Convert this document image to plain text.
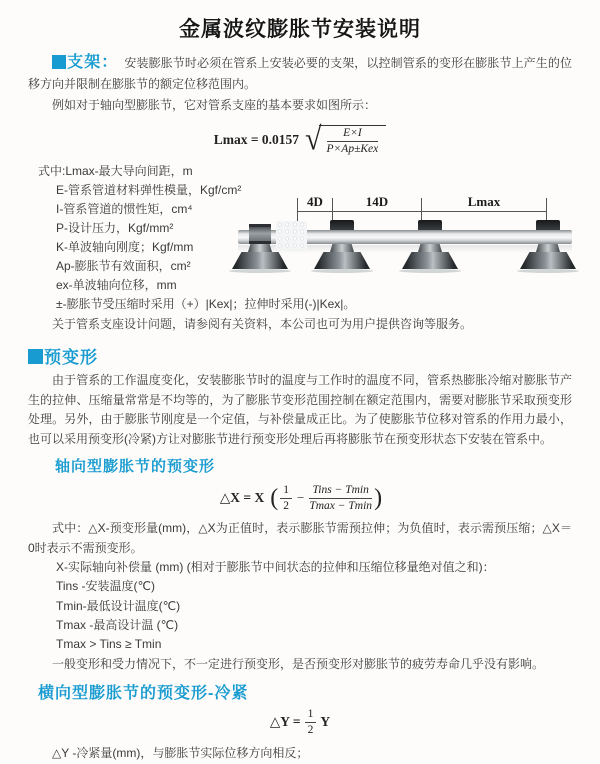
金属波纹膨胀节安装说明

支架： 安装膨胀节时必须在管系上安装必要的支架，以控制管系的变形在膨胀节上产生的位移方向并限制在膨胀节的额定位移范围内。

例如对于轴向型膨胀节，它对管系支座的基本要求如图所示：

Lmax = 0.0157 √
$\frac{E\times I}{\text{P×Ap±Kex}}$
式中:Lmax-最大导向间距，m
E-管系管道材料弹性模量，Kgf/cm²
I-管系管道的惯性矩，cm⁴
P-设计压力，Kgf/mm²
K-单波轴向刚度；Kgf/mm
Ap-膨胀节有效面积，cm²
ex-单波轴向位移，mm
±-膨胀节受压缩时采用（+）|Kex|；拉伸时采用(-)|Kex|。

关于管系支座设计问题，请参阅有关资料，本公司也可为用户提供咨询等服务。

4D	14D	Lmax
预变形

由于管系的工作温度变化，安装膨胀节时的温度与工作时的温度不同，管系热膨胀冷缩对膨胀节产生的拉伸、压缩量常常是不均等的，为了膨胀节变形范围控制在额定范围内，需要对膨胀节采取预变形处理。另外，由于膨胀节刚度是一个定值，与补偿量成正比。为了使膨胀节位移对管系的作用力最小，也可以采用预变形(冷紧)方让对膨胀节进行预变形处理后再将膨胀节在预变形状态下安装在管系中。

轴向型膨胀节的预变形
△X = X ( $\frac{1}{2} - \frac{\text{Tins − Tmin}}{Tmax - Tmin}$ )

式中：△X-预变形量(mm)，△X为正值时，表示膨胀节需预拉伸；为负值时，表示需预压缩；△X＝0时表示不需预变形。

X-实际轴向补偿量 (mm) (相对于膨胀节中间状态的拉伸和压缩位移量绝对值之和)：
Tins -安装温度(℃)
Tmin-最低设计温度(℃)
Tmax -最高设计温 (℃)
Tmax > Tins ≥ Tmin

一般变形和受力情况下，不一定进行预变形，是否预变形对膨胀节的疲劳寿命几乎没有影响。

横向型膨胀节的预变形-冷紧
△Y = $\frac{1}{2}$ Y

△Y -冷紧量(mm)，与膨胀节实际位移方向相反；
